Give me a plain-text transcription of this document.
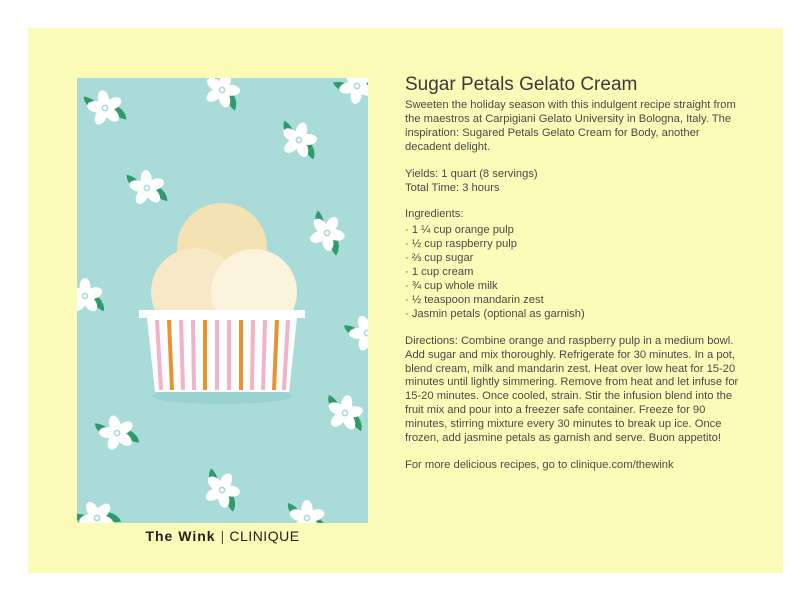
The Wink | CLINIQUE
Sugar Petals Gelato Cream

Sweeten the holiday season with this indulgent recipe straight from the maestros at Carpigiani Gelato University in Bologna, Italy. The inspiration: Sugared Petals Gelato Cream for Body, another decadent delight.

Yields: 1 quart (8 servings)
Total Time: 3 hours

Ingredients:

· 1 ¼ cup orange pulp
· ½ cup raspberry pulp
· ⅔ cup sugar
· 1 cup cream
· ¾ cup whole milk
· ½ teaspoon mandarin zest
· Jasmin petals (optional as garnish)

Directions: Combine orange and raspberry pulp in a medium bowl. Add sugar and mix thoroughly. Refrigerate for 30 minutes. In a pot, blend cream, milk and mandarin zest. Heat over low heat for 15-20 minutes until lightly simmering. Remove from heat and let infuse for 15-20 minutes. Once cooled, strain. Stir the infusion blend into the fruit mix and pour into a freezer safe container. Freeze for 90 minutes, stirring mixture every 30 minutes to break up ice. Once frozen, add jasmine petals as garnish and serve. Buon appetito!

For more delicious recipes, go to clinique.com/thewink
